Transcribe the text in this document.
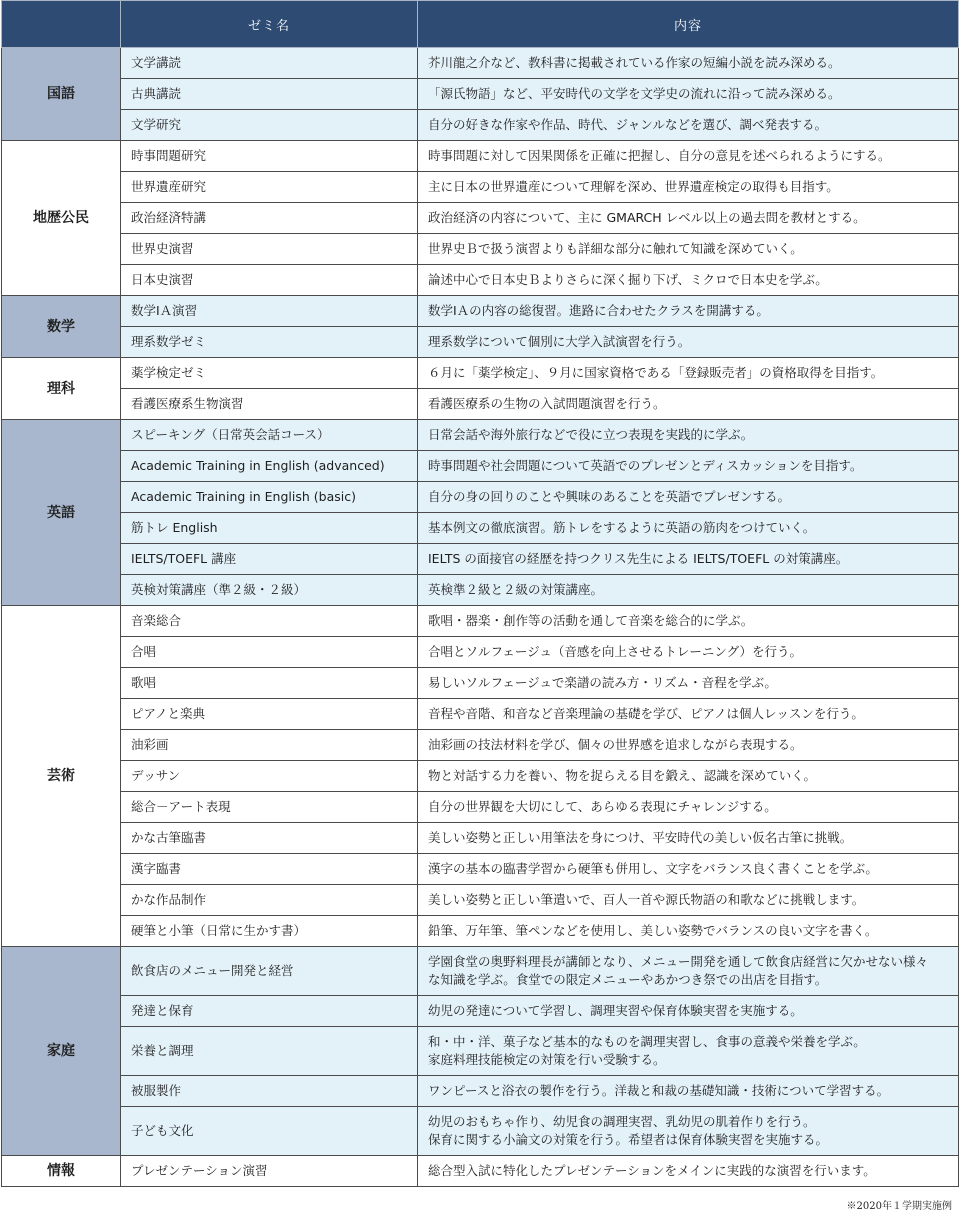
	ゼミ名	内容
国語	文学講読	芥川龍之介など、教科書に掲載されている作家の短編小説を読み深める。
	古典講読	「源氏物語」など、平安時代の文学を文学史の流れに沿って読み深める。
	文学研究	自分の好きな作家や作品、時代、ジャンルなどを選び、調べ発表する。
地歴公民	時事問題研究	時事問題に対して因果関係を正確に把握し、自分の意見を述べられるようにする。
	世界遺産研究	主に日本の世界遺産について理解を深め、世界遺産検定の取得も目指す。
	政治経済特講	政治経済の内容について、主に GMARCH レベル以上の過去問を教材とする。
	世界史演習	世界史Ｂで扱う演習よりも詳細な部分に触れて知識を深めていく。
	日本史演習	論述中心で日本史Ｂよりさらに深く掘り下げ、ミクロで日本史を学ぶ。
数学	数学ⅠＡ演習	数学ⅠＡの内容の総復習。進路に合わせたクラスを開講する。
	理系数学ゼミ	理系数学について個別に大学入試演習を行う。
理科	薬学検定ゼミ	６月に「薬学検定」、９月に国家資格である「登録販売者」の資格取得を目指す。
	看護医療系生物演習	看護医療系の生物の入試問題演習を行う。
英語	スピーキング（日常英会話コース）	日常会話や海外旅行などで役に立つ表現を実践的に学ぶ。
	Academic Training in English (advanced)	時事問題や社会問題について英語でのプレゼンとディスカッションを目指す。
	Academic Training in English (basic)	自分の身の回りのことや興味のあることを英語でプレゼンする。
	筋トレ English	基本例文の徹底演習。筋トレをするように英語の筋肉をつけていく。
	IELTS/TOEFL 講座	IELTS の面接官の経歴を持つクリス先生による IELTS/TOEFL の対策講座。
	英検対策講座（準２級・２級）	英検準２級と２級の対策講座。
芸術	音楽総合	歌唱・器楽・創作等の活動を通して音楽を総合的に学ぶ。
	合唱	合唱とソルフェージュ（音感を向上させるトレーニング）を行う。
	歌唱	易しいソルフェージュで楽譜の読み方・リズム・音程を学ぶ。
	ピアノと楽典	音程や音階、和音など音楽理論の基礎を学び、ピアノは個人レッスンを行う。
	油彩画	油彩画の技法材料を学び、個々の世界感を追求しながら表現する。
	デッサン	物と対話する力を養い、物を捉らえる目を鍛え、認識を深めていく。
	総合－アート表現	自分の世界観を大切にして、あらゆる表現にチャレンジする。
	かな古筆臨書	美しい姿勢と正しい用筆法を身につけ、平安時代の美しい仮名古筆に挑戦。
	漢字臨書	漢字の基本の臨書学習から硬筆も併用し、文字をバランス良く書くことを学ぶ。
	かな作品制作	美しい姿勢と正しい筆遣いで、百人一首や源氏物語の和歌などに挑戦します。
	硬筆と小筆（日常に生かす書）	鉛筆、万年筆、筆ペンなどを使用し、美しい姿勢でバランスの良い文字を書く。
家庭	飲食店のメニュー開発と経営	学園食堂の奥野料理長が講師となり、メニュー開発を通して飲食店経営に欠かせない様々
な知識を学ぶ。食堂での限定メニューやあかつき祭での出店を目指す。
	発達と保育	幼児の発達について学習し、調理実習や保育体験実習を実施する。
	栄養と調理	和・中・洋、菓子など基本的なものを調理実習し、食事の意義や栄養を学ぶ。
家庭料理技能検定の対策を行い受験する。
	被服製作	ワンピースと浴衣の製作を行う。洋裁と和裁の基礎知識・技術について学習する。
	子ども文化	幼児のおもちゃ作り、幼児食の調理実習、乳幼児の肌着作りを行う。
保育に関する小論文の対策を行う。希望者は保育体験実習を実施する。
情報	プレゼンテーション演習	総合型入試に特化したプレゼンテーションをメインに実践的な演習を行います。
※2020年１学期実施例
